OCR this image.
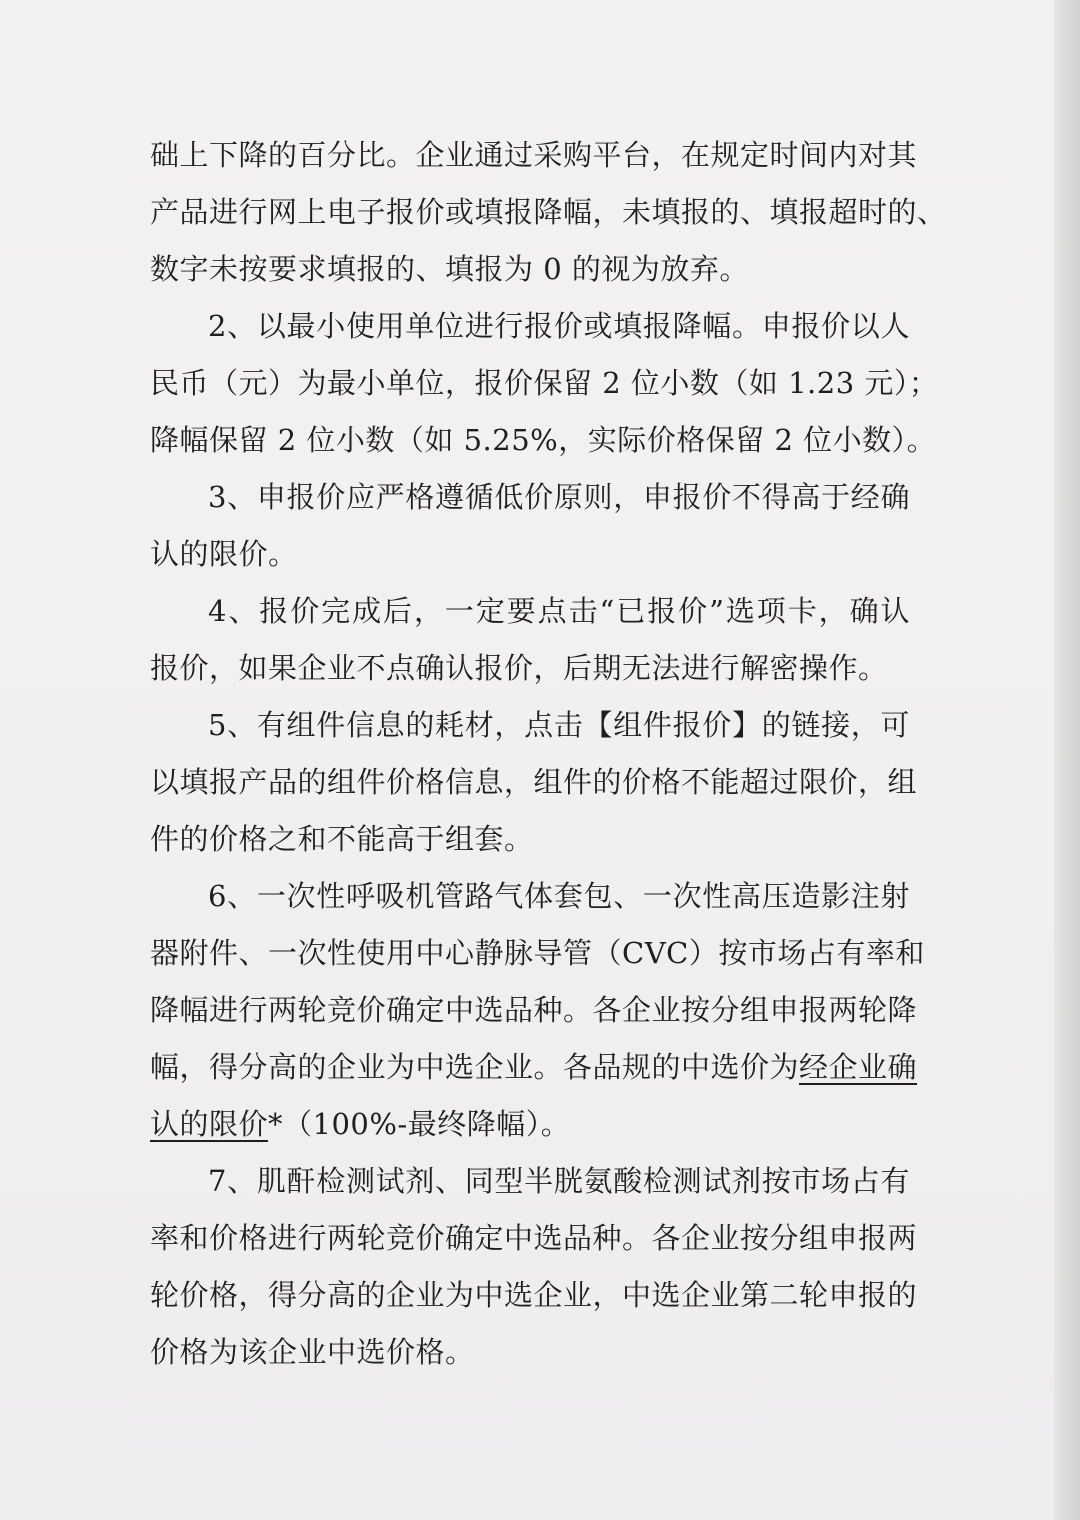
础上下降的百分比。企业通过采购平台，在规定时间内对其
产品进行网上电子报价或填报降幅，未填报的、填报超时的、
数字未按要求填报的、填报为 0 的视为放弃。
2、以最小使用单位进行报价或填报降幅。申报价以人
民币（元）为最小单位，报价保留 2 位小数（如 1.23 元）；
降幅保留 2 位小数（如 5.25%，实际价格保留 2 位小数）。
3、申报价应严格遵循低价原则，申报价不得高于经确
认的限价。
4、报价完成后，一定要点击“已报价”选项卡，确认
报价，如果企业不点确认报价，后期无法进行解密操作。
5、有组件信息的耗材，点击【组件报价】的链接，可
以填报产品的组件价格信息，组件的价格不能超过限价，组
件的价格之和不能高于组套。
6、一次性呼吸机管路气体套包、一次性高压造影注射
器附件、一次性使用中心静脉导管（CVC）按市场占有率和
降幅进行两轮竞价确定中选品种。各企业按分组申报两轮降
幅，得分高的企业为中选企业。各品规的中选价为经企业确
认的限价*（100%-最终降幅）。
7、肌酐检测试剂、同型半胱氨酸检测试剂按市场占有
率和价格进行两轮竞价确定中选品种。各企业按分组申报两
轮价格，得分高的企业为中选企业，中选企业第二轮申报的
价格为该企业中选价格。
